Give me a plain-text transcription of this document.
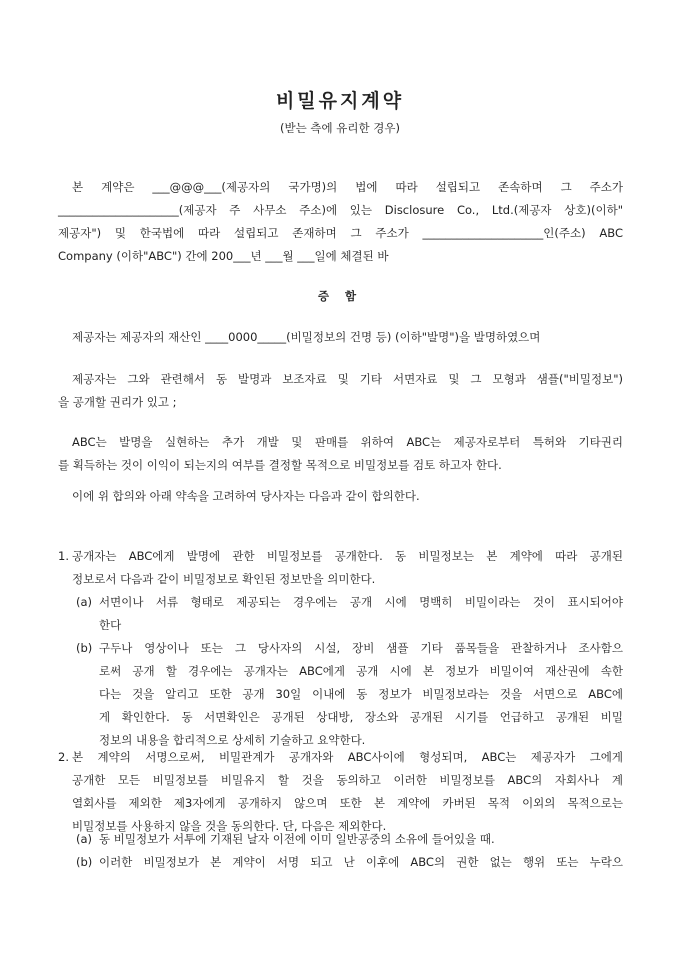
비밀유지계약
(받는 측에 유리한 경우)
본 계약은 ___@@@___(제공자의 국가명)의 법에 따라 설립되고 존속하며 그 주소가
_____________________(제공자 주 사무소 주소)에 있는 Disclosure Co., Ltd.(제공자 상호)(이하"
제공자") 및 한국법에 따라 설립되고 존재하며 그 주소가 _____________________인(주소) ABC
Company (이하"ABC") 간에 200___년 ___월 ___일에 체결된 바
증 함
제공자는 제공자의 재산인 ____0000_____(비밀정보의 건명 등) (이하"발명")을 발명하였으며
제공자는 그와 관련해서 동 발명과 보조자료 및 기타 서면자료 및 그 모형과 샘플("비밀정보")
을 공개할 권리가 있고 ;
ABC는 발명을 실현하는 추가 개발 및 판매를 위하여 ABC는 제공자로부터 특허와 기타권리
를 획득하는 것이 이익이 되는지의 여부를 결정할 목적으로 비밀정보를 검토 하고자 한다.
이에 위 합의와 아래 약속을 고려하여 당사자는 다음과 같이 합의한다.
1. 공개자는 ABC에게 발명에 관한 비밀정보를 공개한다. 동 비밀정보는 본 계약에 따라 공개된
정보로서 다음과 같이 비밀정보로 확인된 정보만을 의미한다.
(a) 서면이나 서류 형태로 제공되는 경우에는 공개 시에 명백히 비밀이라는 것이 표시되어야
한다
(b) 구두나 영상이나 또는 그 당사자의 시설, 장비 샘플 기타 품목들을 관찰하거나 조사함으
로써 공개 할 경우에는 공개자는 ABC에게 공개 시에 본 정보가 비밀이여 재산권에 속한
다는 것을 알리고 또한 공개 30일 이내에 동 정보가 비밀정보라는 것을 서면으로 ABC에
게 확인한다. 동 서면확인은 공개된 상대방, 장소와 공개된 시기를 언급하고 공개된 비밀
정보의 내용을 합리적으로 상세히 기술하고 요약한다.
2. 본 계약의 서명으로써, 비밀관계가 공개자와 ABC사이에 형성되며, ABC는 제공자가 그에게
공개한 모든 비밀정보를 비밀유지 할 것을 동의하고 이러한 비밀정보를 ABC의 자회사나 계
열회사를 제외한 제3자에게 공개하지 않으며 또한 본 계약에 카버된 목적 이외의 목적으로는
비밀정보를 사용하지 않을 것을 동의한다. 단, 다음은 제외한다.
(a) 동 비밀정보가 서투에 기재된 날자 이전에 이미 일반공중의 소유에 들어있을 때.
(b) 이러한 비밀정보가 본 계약이 서명 되고 난 이후에 ABC의 권한 없는 행위 또는 누락으
